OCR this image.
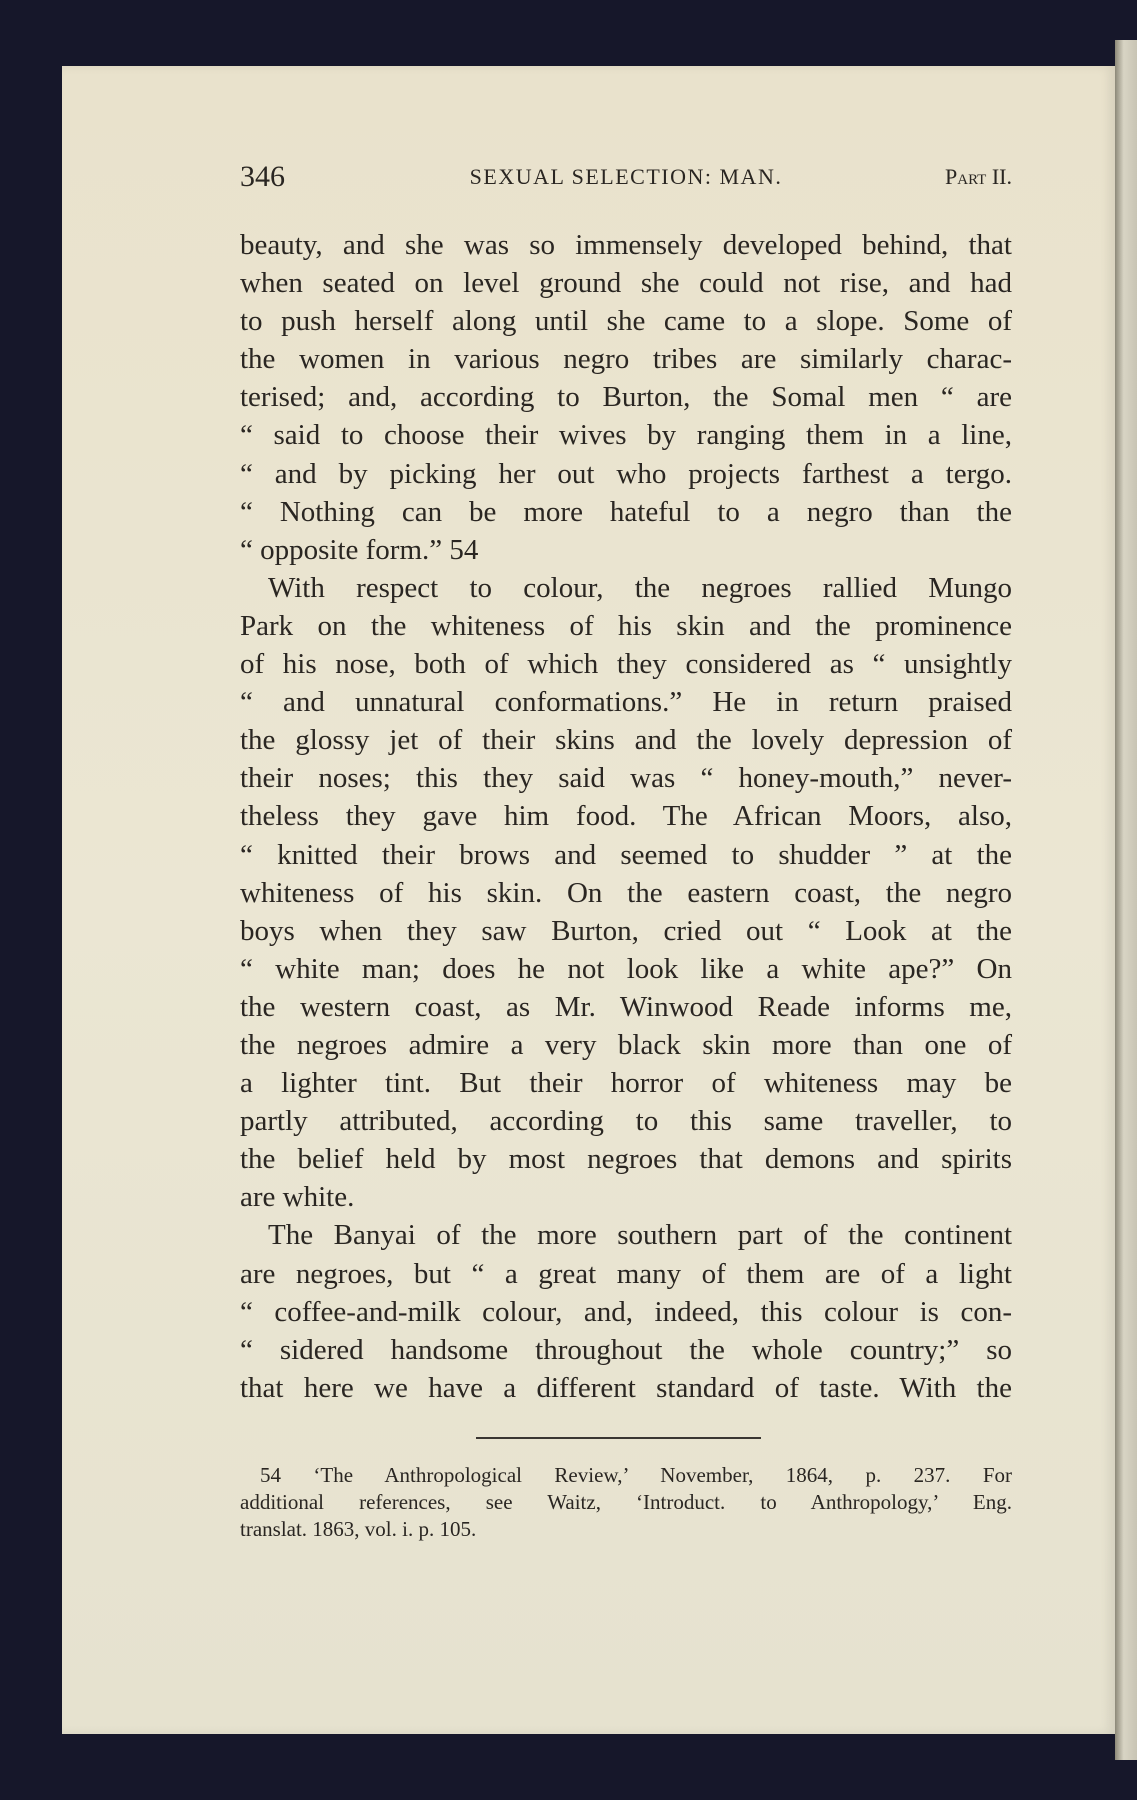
346	SEXUAL SELECTION: MAN.	Part II.
beauty, and she was so immensely developed behind, that
when seated on level ground she could not rise, and had
to push herself along until she came to a slope. Some of
the women in various negro tribes are similarly charac-
terised; and, according to Burton, the Somal men “ are
“ said to choose their wives by ranging them in a line,
“ and by picking her out who projects farthest a tergo.
“ Nothing can be more hateful to a negro than the
“ opposite form.” 54
With respect to colour, the negroes rallied Mungo
Park on the whiteness of his skin and the prominence
of his nose, both of which they considered as “ unsightly
“ and unnatural conformations.” He in return praised
the glossy jet of their skins and the lovely depression of
their noses; this they said was “ honey-mouth,” never-
theless they gave him food. The African Moors, also,
“ knitted their brows and seemed to shudder ” at the
whiteness of his skin. On the eastern coast, the negro
boys when they saw Burton, cried out “ Look at the
“ white man; does he not look like a white ape?” On
the western coast, as Mr. Winwood Reade informs me,
the negroes admire a very black skin more than one of
a lighter tint. But their horror of whiteness may be
partly attributed, according to this same traveller, to
the belief held by most negroes that demons and spirits
are white.
The Banyai of the more southern part of the continent
are negroes, but “ a great many of them are of a light
“ coffee-and-milk colour, and, indeed, this colour is con-
“ sidered handsome throughout the whole country;” so
that here we have a different standard of taste. With the
54 ‘The Anthropological Review,’ November, 1864, p. 237. For
additional references, see Waitz, ‘Introduct. to Anthropology,’ Eng.
translat. 1863, vol. i. p. 105.
